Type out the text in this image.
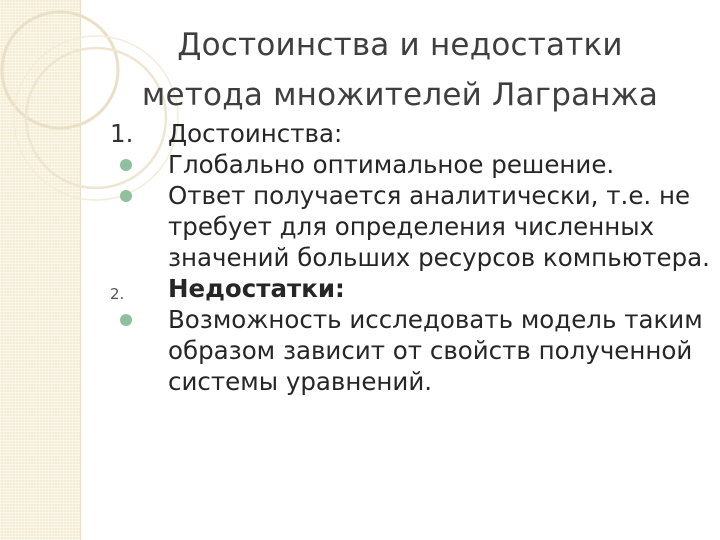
Достоинства и недостатки
метода множителей Лагранжа
1.	Достоинства:
Глобально оптимальное решение.
Ответ получается аналитически, т.е. не требует для определения численных значений больших ресурсов компьютера.
2.	Недостатки:
Возможность исследовать модель таким образом зависит от свойств полученной системы уравнений.
